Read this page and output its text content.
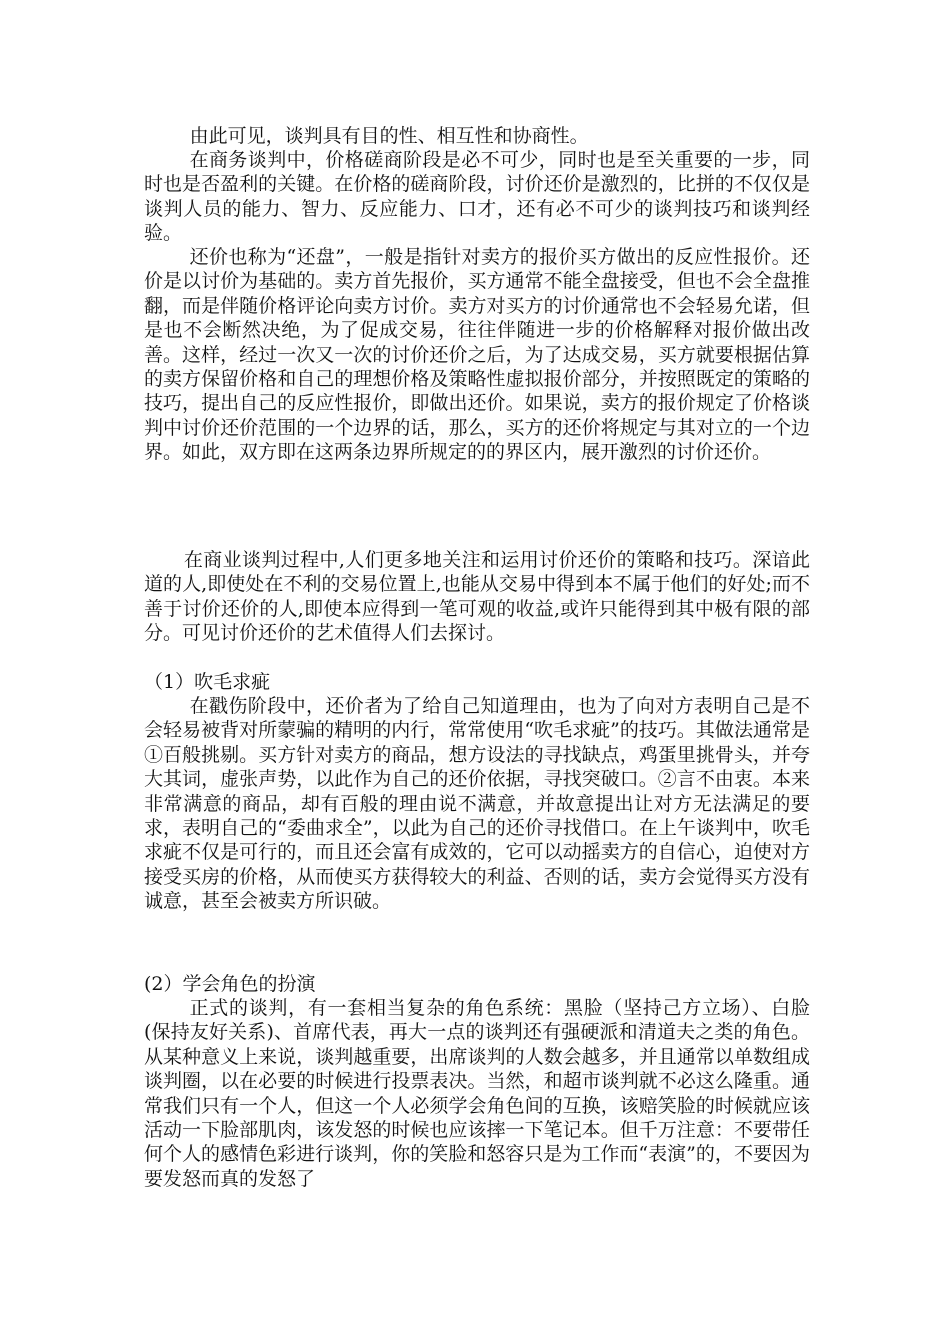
由此可见，谈判具有目的性、相互性和协商性。

在商务谈判中，价格磋商阶段是必不可少，同时也是至关重要的一步，同时也是否盈利的关键。在价格的磋商阶段，讨价还价是激烈的，比拼的不仅仅是谈判人员的能力、智力、反应能力、口才，还有必不可少的谈判技巧和谈判经验。

还价也称为“还盘”，一般是指针对卖方的报价买方做出的反应性报价。还价是以讨价为基础的。卖方首先报价，买方通常不能全盘接受，但也不会全盘推翻，而是伴随价格评论向卖方讨价。卖方对买方的讨价通常也不会轻易允诺，但是也不会断然决绝，为了促成交易，往往伴随进一步的价格解释对报价做出改善。这样，经过一次又一次的讨价还价之后，为了达成交易，买方就要根据估算的卖方保留价格和自己的理想价格及策略性虚拟报价部分，并按照既定的策略的技巧，提出自己的反应性报价，即做出还价。如果说，卖方的报价规定了价格谈判中讨价还价范围的一个边界的话，那么，买方的还价将规定与其对立的一个边界。如此，双方即在这两条边界所规定的的界区内，展开激烈的讨价还价。

在商业谈判过程中,人们更多地关注和运用讨价还价的策略和技巧。深谙此道的人,即使处在不利的交易位置上,也能从交易中得到本不属于他们的好处;而不善于讨价还价的人,即使本应得到一笔可观的收益,或许只能得到其中极有限的部分。可见讨价还价的艺术值得人们去探讨。

（1）吹毛求疵

在戳伤阶段中，还价者为了给自己知道理由，也为了向对方表明自己是不会轻易被背对所蒙骗的精明的内行，常常使用“吹毛求疵”的技巧。其做法通常是①百般挑剔。买方针对卖方的商品，想方设法的寻找缺点，鸡蛋里挑骨头，并夸大其词，虚张声势，以此作为自己的还价依据，寻找突破口。②言不由衷。本来非常满意的商品，却有百般的理由说不满意，并故意提出让对方无法满足的要求，表明自己的“委曲求全”，以此为自己的还价寻找借口。在上午谈判中，吹毛求疵不仅是可行的，而且还会富有成效的，它可以动摇卖方的自信心，迫使对方接受买房的价格，从而使买方获得较大的利益、否则的话，卖方会觉得买方没有诚意，甚至会被卖方所识破。

(2）学会角色的扮演

正式的谈判，有一套相当复杂的角色系统：黑脸（坚持己方立场）、白脸(保持友好关系)、首席代表，再大一点的谈判还有强硬派和清道夫之类的角色。从某种意义上来说，谈判越重要，出席谈判的人数会越多，并且通常以单数组成谈判圈，以在必要的时候进行投票表决。当然，和超市谈判就不必这么隆重。通常我们只有一个人，但这一个人必须学会角色间的互换，该赔笑脸的时候就应该活动一下脸部肌肉，该发怒的时候也应该摔一下笔记本。但千万注意：不要带任何个人的感情色彩进行谈判，你的笑脸和怒容只是为工作而“表演”的，不要因为要发怒而真的发怒了
